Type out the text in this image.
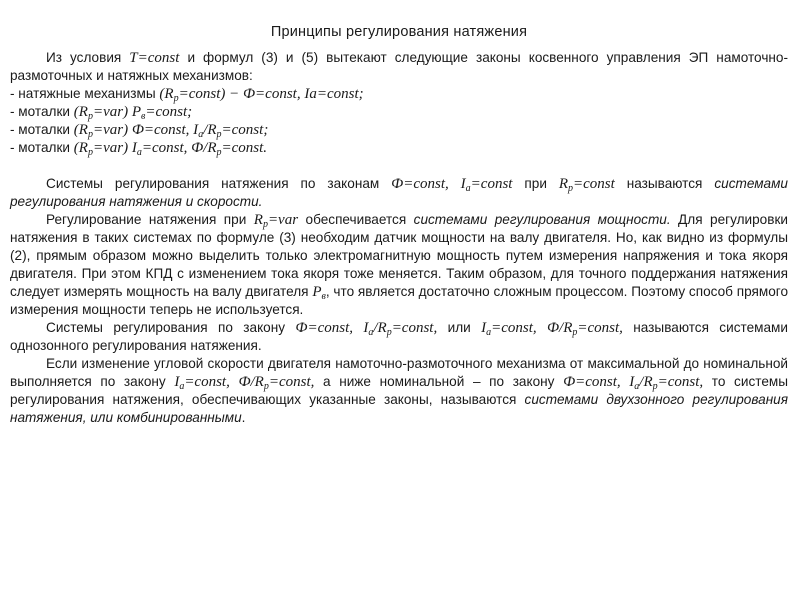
Принципы регулирования натяжения

Из условия T=const и формул (3) и (5) вытекают следующие законы косвенного управления ЭП намоточно-размоточных и натяжных механизмов:

- натяжные механизмы $(R_p=const)$ − Ф=const, Ia=const;

- моталки $(R_p=var)$ $P_в=const$;

- моталки $(R_p=var)$ Ф=const, $I_a/R_p=const$;

- моталки $(R_p=var)$ $I_a=const$, $Ф/R_p=const$.

Системы регулирования натяжения по законам Ф=const, $I_a=const$ при $R_p=const$ называются системами регулирования натяжения и скорости.

Регулирование натяжения при $R_p=var$ обеспечивается системами регулирования мощности. Для регулировки натяжения в таких системах по формуле (3) необходим датчик мощности на валу двигателя. Но, как видно из формулы (2), прямым образом можно выделить только электромагнитную мощность путем измерения напряжения и тока якоря двигателя. При этом КПД с изменением тока якоря тоже меняется. Таким образом, для точного поддержания натяжения следует измерять мощность на валу двигателя $P_в$, что является достаточно сложным процессом. Поэтому способ прямого измерения мощности теперь не используется.

Системы регулирования по закону Ф=const, $I_a/R_p=const$, или $I_a=const$, $Ф/R_p=const$, называются системами однозонного регулирования натяжения.

Если изменение угловой скорости двигателя намоточно-размоточного механизма от максимальной до номинальной выполняется по закону $I_a=const$, $Ф/R_p=const$, а ниже номинальной – по закону Ф=const, $I_a/R_p=const$, то системы регулирования натяжения, обеспечивающих указанные законы, называются системами двухзонного регулирования натяжения, или комбинированными.
